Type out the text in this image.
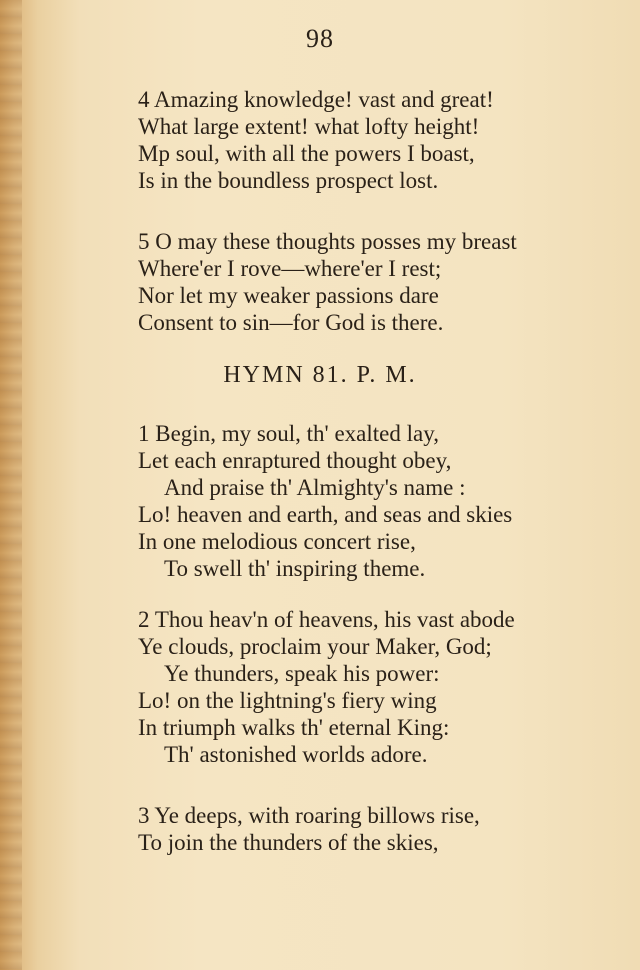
98
4 Amazing knowledge! vast and great!
What large extent! what lofty height!
Mp soul, with all the powers I boast,
Is in the boundless prospect lost.
5 O may these thoughts posses my breast
Where'er I rove—where'er I rest;
Nor let my weaker passions dare
Consent to sin—for God is there.
HYMN 81. P. M.
1 Begin, my soul, th' exalted lay,
Let each enraptured thought obey,
And praise th' Almighty's name :
Lo! heaven and earth, and seas and skies
In one melodious concert rise,
To swell th' inspiring theme.
2 Thou heav'n of heavens, his vast abode
Ye clouds, proclaim your Maker, God;
Ye thunders, speak his power:
Lo! on the lightning's fiery wing
In triumph walks th' eternal King:
Th' astonished worlds adore.
3 Ye deeps, with roaring billows rise,
To join the thunders of the skies,
